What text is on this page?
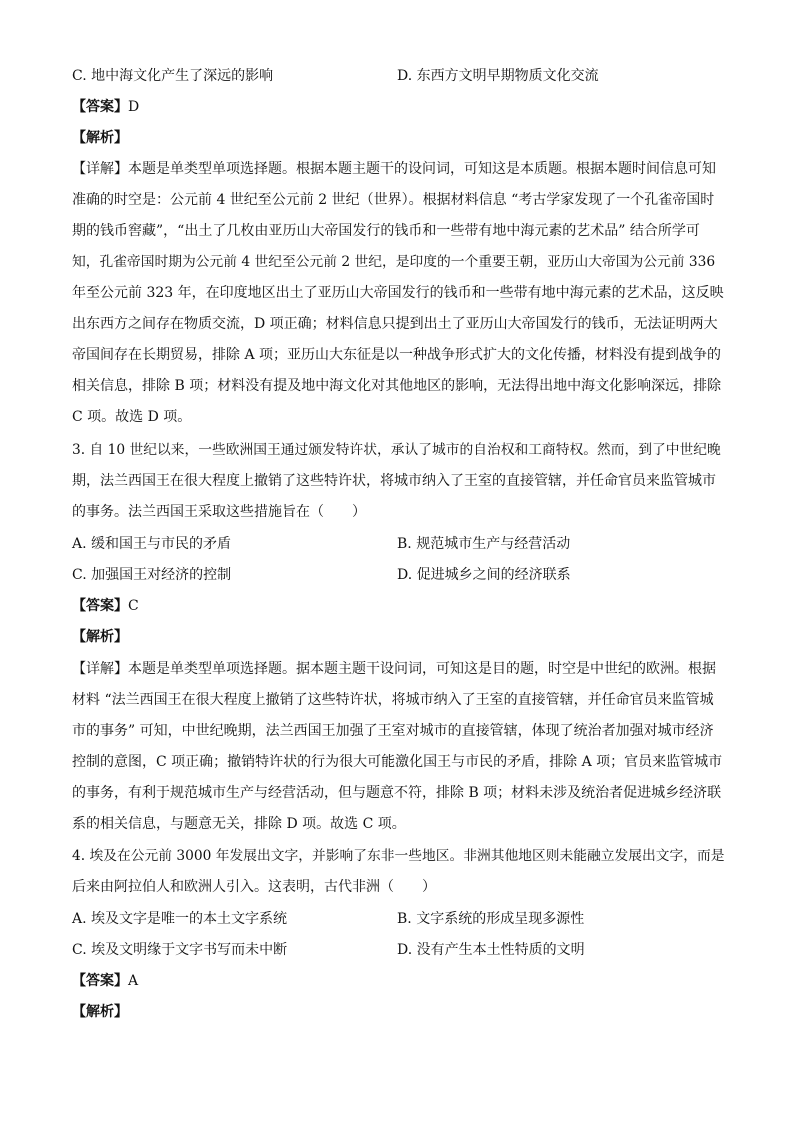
C. 地中海文化产生了深远的影响	D. 东西方文明早期物质文化交流
【答案】D
【解析】
【详解】本题是单类型单项选择题。根据本题主题干的设问词，可知这是本质题。根据本题时间信息可知
准确的时空是：公元前 4 世纪至公元前 2 世纪（世界）。根据材料信息 “考古学家发现了一个孔雀帝国时
期的钱币窖藏”，“出土了几枚由亚历山大帝国发行的钱币和一些带有地中海元素的艺术品” 结合所学可
知，孔雀帝国时期为公元前 4 世纪至公元前 2 世纪，是印度的一个重要王朝，亚历山大帝国为公元前 336
年至公元前 323 年，在印度地区出土了亚历山大帝国发行的钱币和一些带有地中海元素的艺术品，这反映
出东西方之间存在物质交流，D 项正确；材料信息只提到出土了亚历山大帝国发行的钱币，无法证明两大
帝国间存在长期贸易，排除 A 项；亚历山大东征是以一种战争形式扩大的文化传播，材料没有提到战争的
相关信息，排除 B 项；材料没有提及地中海文化对其他地区的影响，无法得出地中海文化影响深远，排除
C 项。故选 D 项。
3. 自 10 世纪以来，一些欧洲国王通过颁发特许状，承认了城市的自治权和工商特权。然而，到了中世纪晚
期，法兰西国王在很大程度上撤销了这些特许状，将城市纳入了王室的直接管辖，并任命官员来监管城市
的事务。法兰西国王采取这些措施旨在（　　）
A. 缓和国王与市民的矛盾	B. 规范城市生产与经营活动
C. 加强国王对经济的控制	D. 促进城乡之间的经济联系
【答案】C
【解析】
【详解】本题是单类型单项选择题。据本题主题干设问词，可知这是目的题，时空是中世纪的欧洲。根据
材料 “法兰西国王在很大程度上撤销了这些特许状，将城市纳入了王室的直接管辖，并任命官员来监管城
市的事务” 可知，中世纪晚期，法兰西国王加强了王室对城市的直接管辖，体现了统治者加强对城市经济
控制的意图，C 项正确；撤销特许状的行为很大可能激化国王与市民的矛盾，排除 A 项；官员来监管城市
的事务，有利于规范城市生产与经营活动，但与题意不符，排除 B 项；材料未涉及统治者促进城乡经济联
系的相关信息，与题意无关，排除 D 项。故选 C 项。
4. 埃及在公元前 3000 年发展出文字，并影响了东非一些地区。非洲其他地区则未能融立发展出文字，而是
后来由阿拉伯人和欧洲人引入。这表明，古代非洲（　　）
A. 埃及文字是唯一的本土文字系统	B. 文字系统的形成呈现多源性
C. 埃及文明缘于文字书写而未中断	D. 没有产生本土性特质的文明
【答案】A
【解析】
